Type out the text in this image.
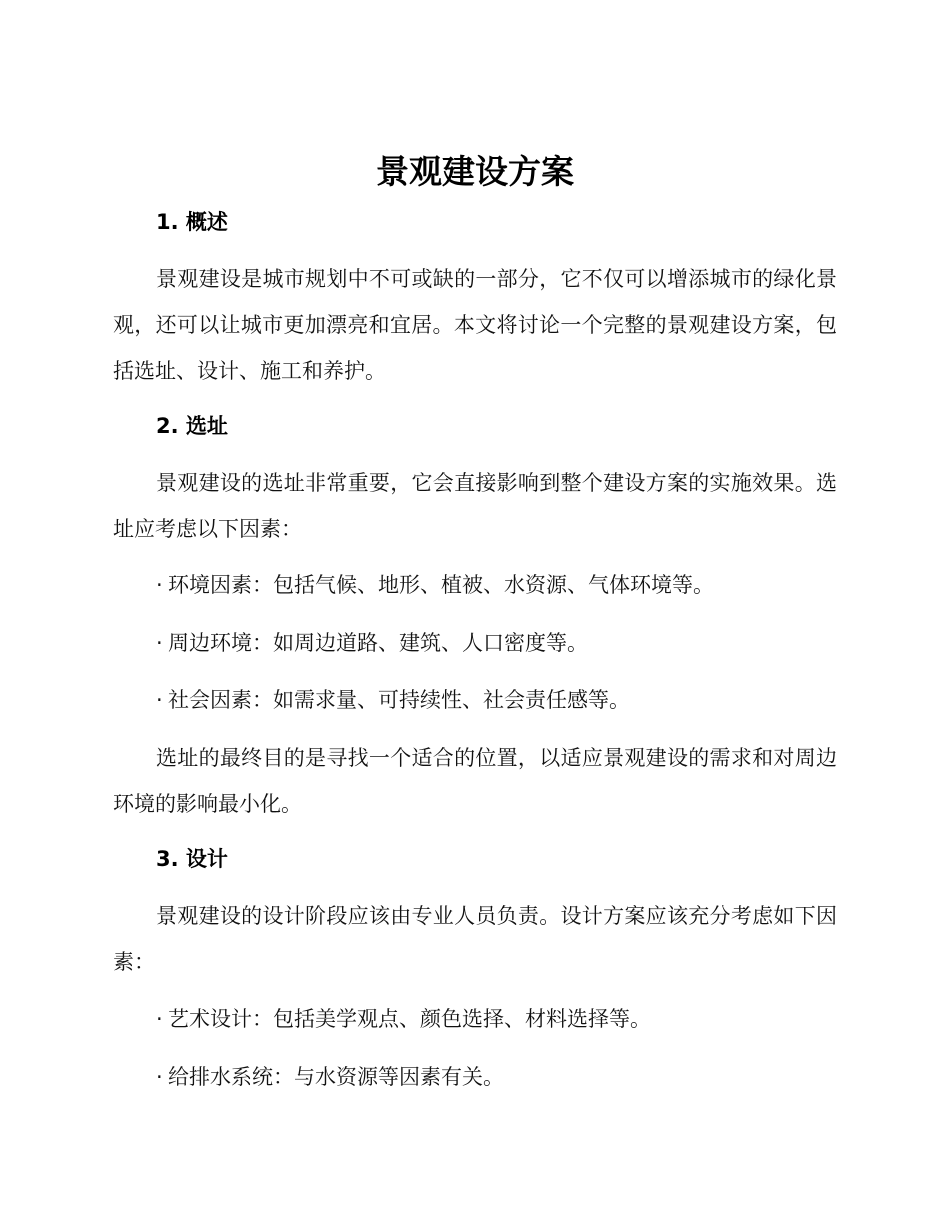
景观建设方案
1. 概述
景观建设是城市规划中不可或缺的一部分，它不仅可以增添城市的绿化景观，还可以让城市更加漂亮和宜居。本文将讨论一个完整的景观建设方案，包括选址、设计、施工和养护。
2. 选址
景观建设的选址非常重要，它会直接影响到整个建设方案的实施效果。选址应考虑以下因素：
· 环境因素：包括气候、地形、植被、水资源、气体环境等。
· 周边环境：如周边道路、建筑、人口密度等。
· 社会因素：如需求量、可持续性、社会责任感等。
选址的最终目的是寻找一个适合的位置，以适应景观建设的需求和对周边环境的影响最小化。
3. 设计
景观建设的设计阶段应该由专业人员负责。设计方案应该充分考虑如下因素：
· 艺术设计：包括美学观点、颜色选择、材料选择等。
· 给排水系统：与水资源等因素有关。
